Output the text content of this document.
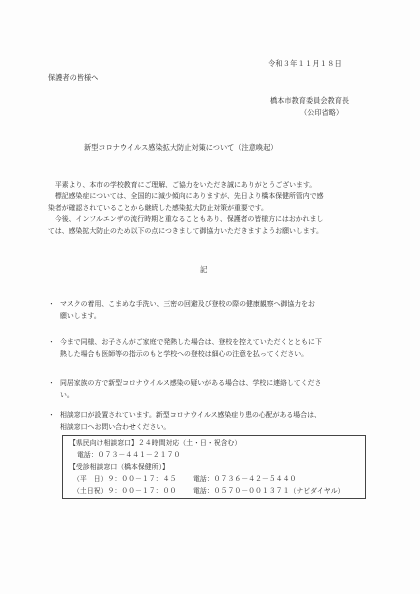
令和３年１１月１８日
保護者の皆様へ
橋本市教育委員会教育長
（公印省略）
新型コロナウイルス感染拡大防止対策について（注意喚起）
　平素より、本市の学校教育にご理解、ご協力をいただき誠にありがとうございます。
　標記感染症については、全国的に減少傾向にありますが、先日より橋本保健所管内で感
染者が確認されていることから継続した感染拡大防止対策が重要です。
　今後、インフルエンザの流行時期と重なることもあり、保護者の皆様方にはおかれまし
ては、感染拡大防止のため以下の点につきまして御協力いただきますようお願いします。
記
・ マスクの着用、こまめな手洗い、三密の回避及び登校の際の健康観察へ御協力をお
願いします。
・ 今まで同様、お子さんがご家庭で発熱した場合は、登校を控えていただくとともに下
熱した場合も医師等の指示のもと学校への登校は細心の注意を払ってください。
・ 同居家族の方で新型コロナウイルス感染の疑いがある場合は、学校に連絡してくださ
い。
・ 相談窓口が設置されています。新型コロナウイルス感染症り患の心配がある場合は、
相談窓口へお問い合わせください。
【県民向け相談窓口】２４時間対応（土・日・祝含む）
電話：０７３－４４１－２１７０
【受診相談窓口（橋本保健所）】
（平　日）９：００－１７：４５ 電話：０７３６－４２－５４４０
（土日祝）９：００－１７：００ 電話：０５７０－００１３７１（ナビダイヤル）
